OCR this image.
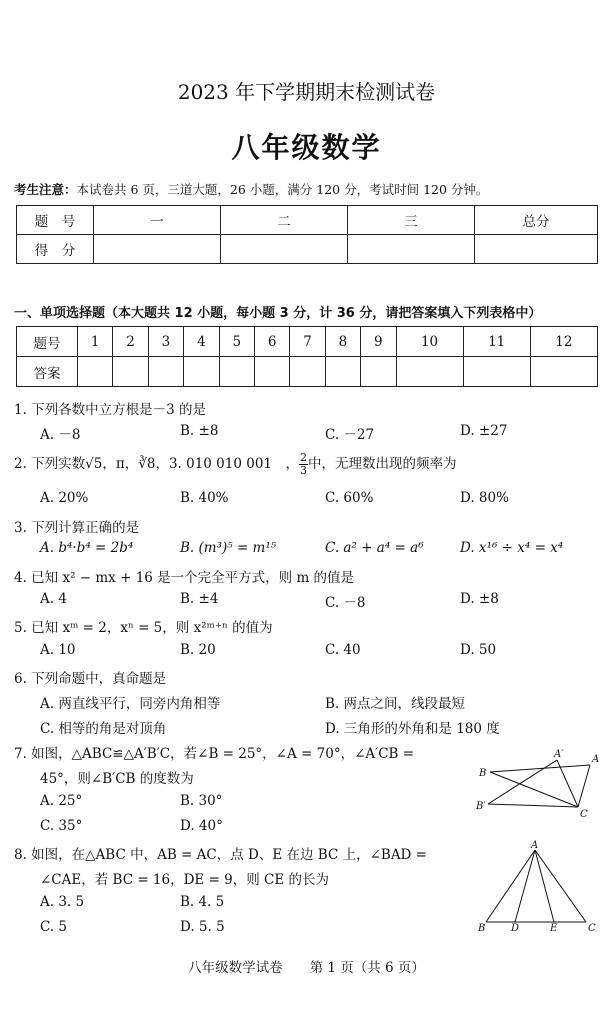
2023 年下学期期末检测试卷
八年级数学
考生注意：本试卷共 6 页，三道大题，26 小题，满分 120 分，考试时间 120 分钟。
题　号	一	二	三	总分
得　分				
一、单项选择题（本大题共 12 小题，每小题 3 分，计 36 分，请把答案填入下列表格中）
题号	1	2	3	4	5	6	7	8	9	10	11	12
答案												
1. 下列各数中立方根是－3 的是
A. －8	B. ±8	C. －27	D. ±27
2. 下列实数√5，π，∛8，3. 010 010 001　， $\frac{2}{3}$ 中，无理数出现的频率为
A. 20%	B. 40%	C. 60%	D. 80%
3. 下列计算正确的是
A. b⁴·b⁴ = 2b⁴	B. (m³)⁵ = m¹⁵	C. a² + a⁴ = a⁶	D. x¹⁶ ÷ x⁴ = x⁴
4. 已知 x² − mx + 16 是一个完全平方式，则 m 的值是
A. 4	B. ±4	C. －8	D. ±8
5. 已知 xᵐ = 2，xⁿ = 5，则 x²ᵐ⁺ⁿ 的值为
A. 10	B. 20	C. 40	D. 50
6. 下列命题中，真命题是
A. 两直线平行，同旁内角相等	B. 两点之间，线段最短
C. 相等的角是对顶角	D. 三角形的外角和是 180 度
7. 如图，△ABC≌△A′B′C，若∠B = 25°，∠A = 70°，∠A′CB =
45°，则∠B′CB 的度数为
A. 25°	B. 30°
C. 35°	D. 40°
A′	A
B
B′
C
8. 如图，在△ABC 中，AB = AC，点 D、E 在边 BC 上，∠BAD =
∠CAE，若 BC = 16，DE = 9，则 CE 的长为
A. 3. 5	B. 4. 5
C. 5	D. 5. 5
A
B	D	E	C
八年级数学试卷　　第 1 页（共 6 页）
